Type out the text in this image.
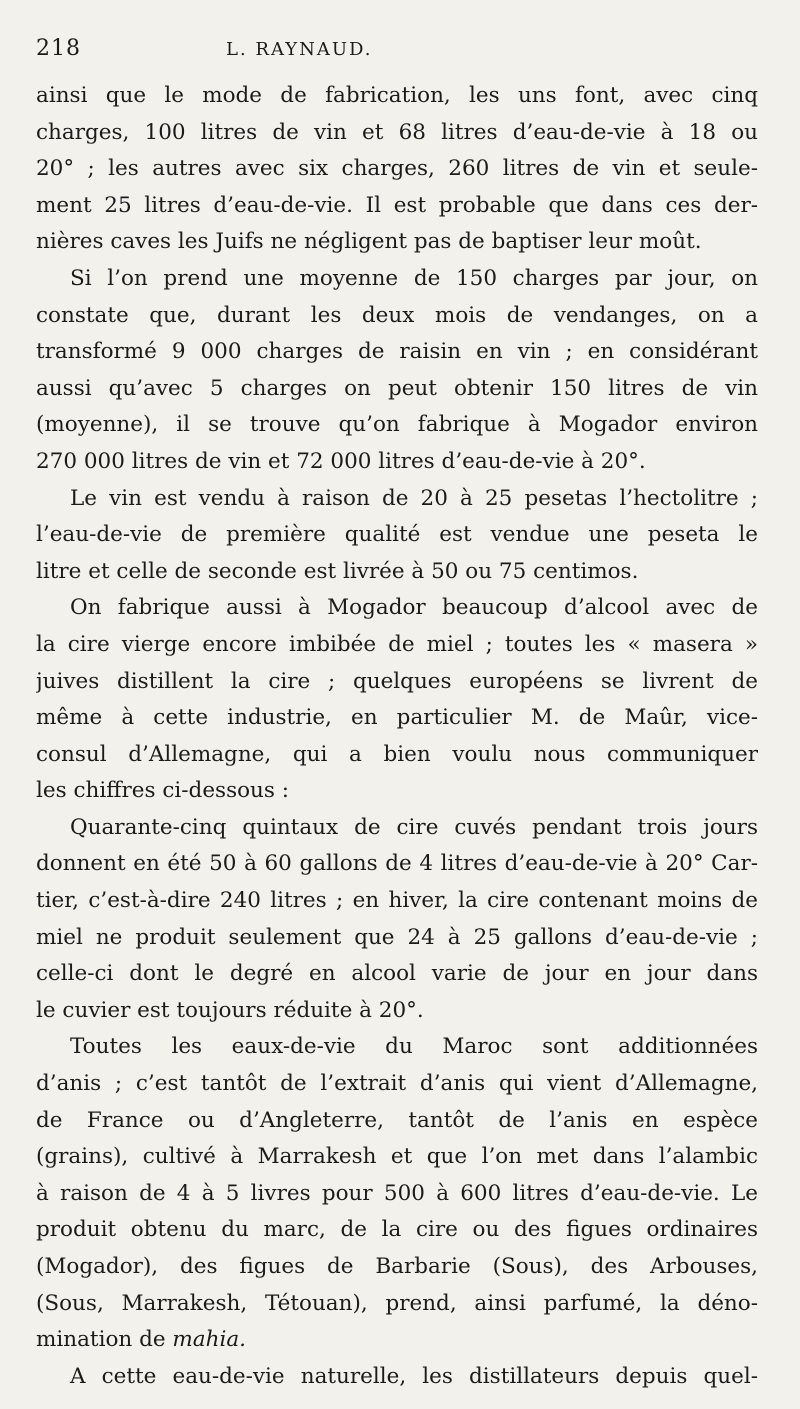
218	L. RAYNAUD.
ainsi que le mode de fabrication, les uns font, avec cinq
charges, 100 litres de vin et 68 litres d’eau-de-vie à 18 ou
20° ; les autres avec six charges, 260 litres de vin et seule-
ment 25 litres d’eau-de-vie. Il est probable que dans ces der-
nières caves les Juifs ne négligent pas de baptiser leur moût.
Si l’on prend une moyenne de 150 charges par jour, on
constate que, durant les deux mois de vendanges, on a
transformé 9 000 charges de raisin en vin ; en considérant
aussi qu’avec 5 charges on peut obtenir 150 litres de vin
(moyenne), il se trouve qu’on fabrique à Mogador environ
270 000 litres de vin et 72 000 litres d’eau-de-vie à 20°.
Le vin est vendu à raison de 20 à 25 pesetas l’hectolitre ;
l’eau-de-vie de première qualité est vendue une peseta le
litre et celle de seconde est livrée à 50 ou 75 centimos.
On fabrique aussi à Mogador beaucoup d’alcool avec de
la cire vierge encore imbibée de miel ; toutes les « masera »
juives distillent la cire ; quelques européens se livrent de
même à cette industrie, en particulier M. de Maûr, vice-
consul d’Allemagne, qui a bien voulu nous communiquer
les chiffres ci-dessous :
Quarante-cinq quintaux de cire cuvés pendant trois jours
donnent en été 50 à 60 gallons de 4 litres d’eau-de-vie à 20° Car-
tier, c’est-à-dire 240 litres ; en hiver, la cire contenant moins de
miel ne produit seulement que 24 à 25 gallons d’eau-de-vie ;
celle-ci dont le degré en alcool varie de jour en jour dans
le cuvier est toujours réduite à 20°.
Toutes les eaux-de-vie du Maroc sont additionnées
d’anis ; c’est tantôt de l’extrait d’anis qui vient d’Allemagne,
de France ou d’Angleterre, tantôt de l’anis en espèce
(grains), cultivé à Marrakesh et que l’on met dans l’alambic
à raison de 4 à 5 livres pour 500 à 600 litres d’eau-de-vie. Le
produit obtenu du marc, de la cire ou des figues ordinaires
(Mogador), des figues de Barbarie (Sous), des Arbouses,
(Sous, Marrakesh, Tétouan), prend, ainsi parfumé, la déno-
mination de mahia.
A cette eau-de-vie naturelle, les distillateurs depuis quel-
